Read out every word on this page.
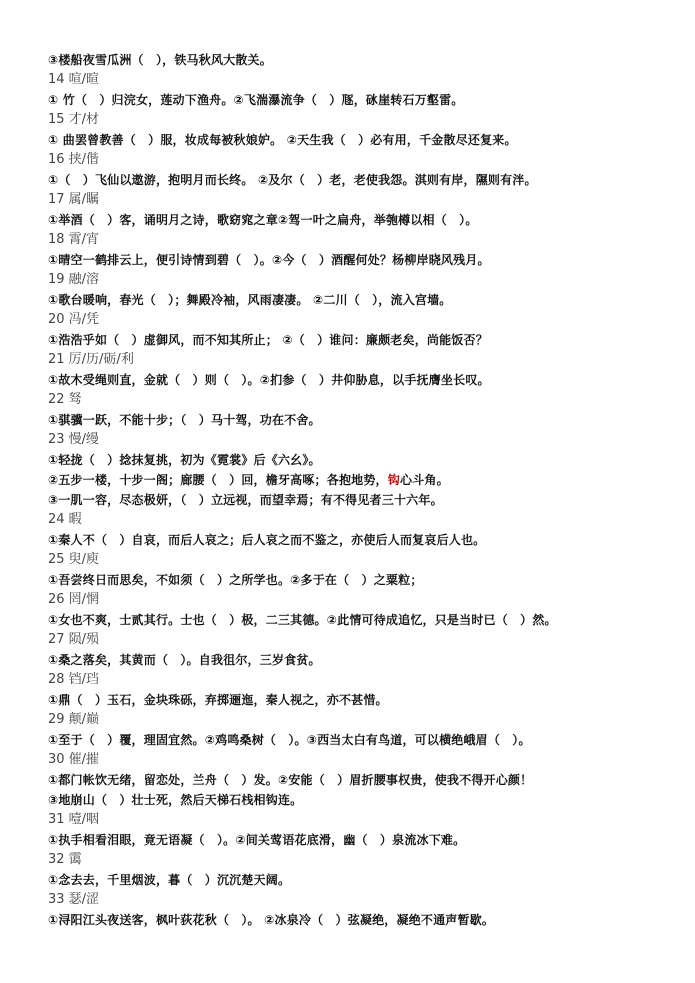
③楼船夜雪瓜洲（　），铁马秋风大散关。
14 喧/暄
① 竹（　）归浣女，莲动下渔舟。②飞湍瀑流争（　）豗，砯崖转石万壑雷。
15 才/材
① 曲罢曾教善（　）服，妆成每被秋娘妒。 ②天生我（　）必有用，千金散尽还复来。
16 挟/偕
①（　）飞仙以遨游，抱明月而长终。 ②及尔（　）老，老使我怨。淇则有岸，隰则有泮。
17 属/瞩
①举酒（　）客，诵明月之诗，歌窈窕之章②驾一叶之扁舟，举匏樽以相（　）。
18 霄/宵
①晴空一鹤排云上，便引诗情到碧（　）。②今（　）酒醒何处？杨柳岸晓风残月。
19 融/溶
①歌台暖响，春光（　）；舞殿冷袖，风雨凄凄。 ②二川（　），流入宫墙。
20 冯/凭
①浩浩乎如（　）虚御风，而不知其所止； ②（　）谁问：廉颇老矣，尚能饭否？
21 厉/历/砺/利
①故木受绳则直，金就（　）则（　）。②扪参（　）井仰胁息，以手抚膺坐长叹。
22 驽
①骐骥一跃，不能十步；（　）马十驾，功在不舍。
23 慢/缦
①轻拢（　）捻抹复挑，初为《霓裳》后《六幺》。
②五步一楼，十步一阁；廊腰（　）回，檐牙高啄；各抱地势，钩心斗角。
③一肌一容，尽态极妍，（　）立远视，而望幸焉；有不得见者三十六年。
24 暇
①秦人不（　）自哀，而后人哀之；后人哀之而不鉴之，亦使后人而复哀后人也。
25 臾/庾
①吾尝终日而思矣，不如须（　）之所学也。②多于在（　）之粟粒；
26 罔/惘
①女也不爽，士贰其行。士也（　）极，二三其德。②此情可待成追忆，只是当时已（　）然。
27 陨/殒
①桑之落矣，其黄而（　）。自我徂尔，三岁食贫。
28 铛/珰
①鼎（　）玉石，金块珠砾，弃掷逦迤，秦人视之，亦不甚惜。
29 颠/巅
①至于（　）覆，理固宜然。②鸡鸣桑树（　）。③西当太白有鸟道，可以横绝峨眉（　）。
30 催/摧
①都门帐饮无绪，留恋处，兰舟（　）发。②安能（　）眉折腰事权贵，使我不得开心颜！
③地崩山（　）壮士死，然后天梯石栈相钩连。
31 噎/咽
①执手相看泪眼，竟无语凝（　）。②间关莺语花底滑，幽（　）泉流冰下难。
32 霭
①念去去，千里烟波，暮（　）沉沉楚天阔。
33 瑟/涩
①浔阳江头夜送客，枫叶荻花秋（　）。 ②冰泉冷（　）弦凝绝，凝绝不通声暂歇。
